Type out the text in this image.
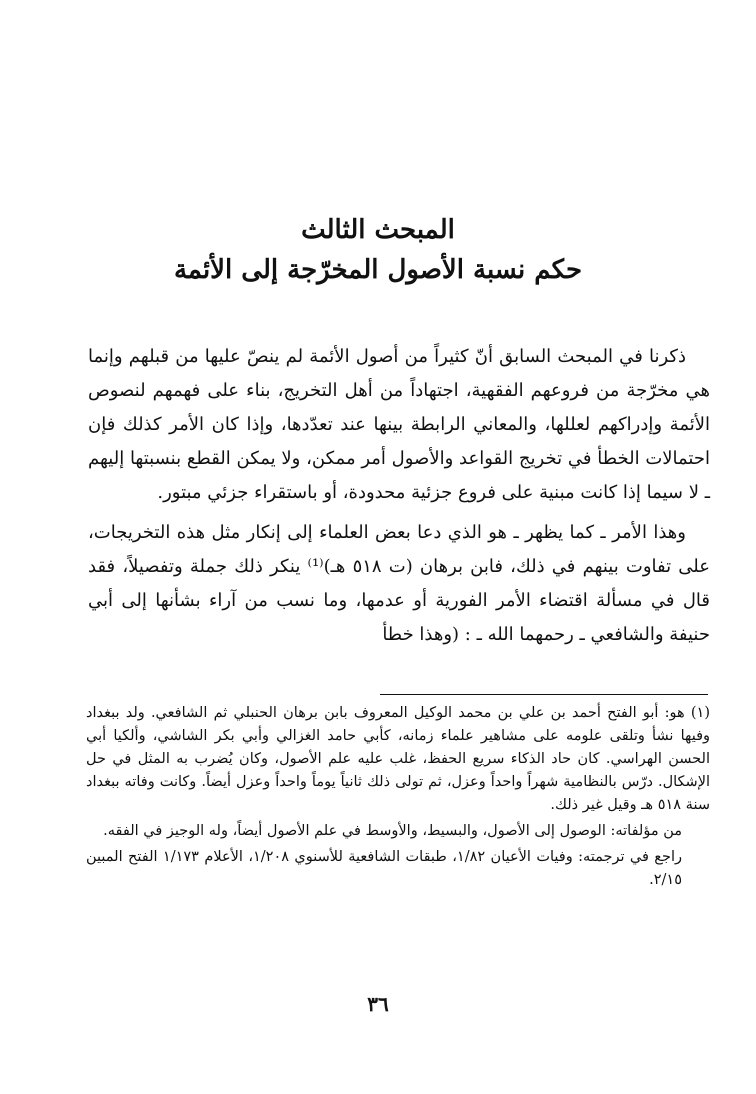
المبحث الثالث
حكم نسبة الأصول المخرّجة إلى الأئمة

ذكرنا في المبحث السابق أنّ كثيراً من أصول الأئمة لم ينصّ عليها من قبلهم وإنما هي مخرّجة من فروعهم الفقهية، اجتهاداً من أهل التخريج، بناء على فهمهم لنصوص الأئمة وإدراكهم لعللها، والمعاني الرابطة بينها عند تعدّدها، وإذا كان الأمر كذلك فإن احتمالات الخطأ في تخريج القواعد والأصول أمر ممكن، ولا يمكن القطع بنسبتها إليهم ـ لا سيما إذا كانت مبنية على فروع جزئية محدودة، أو باستقراء جزئي مبتور.

وهذا الأمر ـ كما يظهر ـ هو الذي دعا بعض العلماء إلى إنكار مثل هذه التخريجات، على تفاوت بينهم في ذلك، فابن برهان (ت ٥١٨ هـ)⁽¹⁾ ينكر ذلك جملة وتفصيلاً، فقد قال في مسألة اقتضاء الأمر الفورية أو عدمها، وما نسب من آراء بشأنها إلى أبي حنيفة والشافعي ـ رحمهما الله ـ : (وهذا خطأ

(١) هو: أبو الفتح أحمد بن علي بن محمد الوكيل المعروف بابن برهان الحنبلي ثم الشافعي. ولد ببغداد وفيها نشأ وتلقى علومه على مشاهير علماء زمانه، كأبي حامد الغزالي وأبي بكر الشاشي، وألكيا أبي الحسن الهراسي. كان حاد الذكاء سريع الحفظ، غلب عليه علم الأصول، وكان يُضرب به المثل في حل الإشكال. درّس بالنظامية شهراً واحداً وعزل، ثم تولى ذلك ثانياً يوماً واحداً وعزل أيضاً. وكانت وفاته ببغداد سنة ٥١٨ هـ وقيل غير ذلك.

من مؤلفاته: الوصول إلى الأصول، والبسيط، والأوسط في علم الأصول أيضاً، وله الوجيز في الفقه.

راجع في ترجمته: وفيات الأعيان ١/٨٢، طبقات الشافعية للأسنوي ١/٢٠٨، الأعلام ١/١٧٣ الفتح المبين ٢/١٥.

٣٦
